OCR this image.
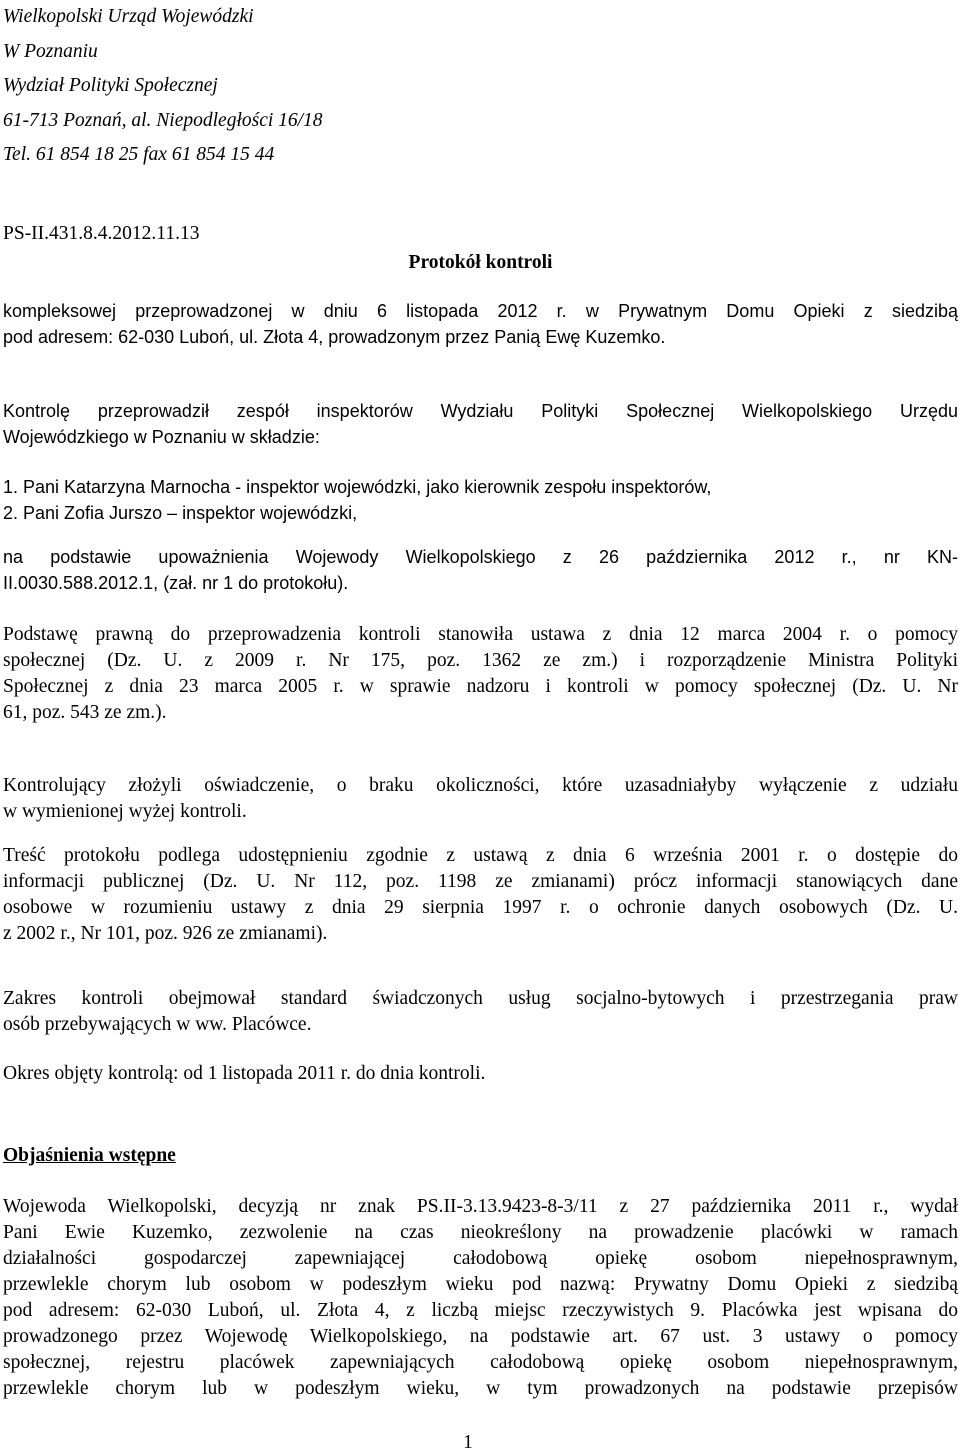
Wielkopolski Urząd Wojewódzki
W Poznaniu
Wydział Polityki Społecznej
61-713 Poznań, al. Niepodległości 16/18
Tel. 61 854 18 25 fax 61 854 15 44
PS-II.431.8.4.2012.11.13
Protokół kontroli
kompleksowej przeprowadzonej w dniu 6 listopada 2012 r. w Prywatnym Domu Opieki z siedzibą
pod adresem: 62-030 Luboń, ul. Złota 4, prowadzonym przez Panią Ewę Kuzemko.
Kontrolę przeprowadził zespół inspektorów Wydziału Polityki Społecznej Wielkopolskiego Urzędu
Wojewódzkiego w Poznaniu w składzie:
1. Pani Katarzyna Marnocha - inspektor wojewódzki, jako kierownik zespołu inspektorów,
2. Pani Zofia Jurszo – inspektor wojewódzki,
na podstawie upoważnienia Wojewody Wielkopolskiego z 26 października 2012 r., nr KN-
II.0030.588.2012.1, (zał. nr 1 do protokołu).
Podstawę prawną do przeprowadzenia kontroli stanowiła ustawa z dnia 12 marca 2004 r. o pomocy
społecznej (Dz. U. z 2009 r. Nr 175, poz. 1362 ze zm.) i rozporządzenie Ministra Polityki
Społecznej z dnia 23 marca 2005 r. w sprawie nadzoru i kontroli w pomocy społecznej (Dz. U. Nr
61, poz. 543 ze zm.).
Kontrolujący złożyli oświadczenie, o braku okoliczności, które uzasadniałyby wyłączenie z udziału
w wymienionej wyżej kontroli.
Treść protokołu podlega udostępnieniu zgodnie z ustawą z dnia 6 września 2001 r. o dostępie do
informacji publicznej (Dz. U. Nr 112, poz. 1198 ze zmianami) prócz informacji stanowiących dane
osobowe w rozumieniu ustawy z dnia 29 sierpnia 1997 r. o ochronie danych osobowych (Dz. U.
z 2002 r., Nr 101, poz. 926 ze zmianami).
Zakres kontroli obejmował standard świadczonych usług socjalno-bytowych i przestrzegania praw
osób przebywających w ww. Placówce.
Okres objęty kontrolą: od 1 listopada 2011 r. do dnia kontroli.
Objaśnienia wstępne
Wojewoda Wielkopolski, decyzją nr znak PS.II-3.13.9423-8-3/11 z 27 października 2011 r., wydał
Pani Ewie Kuzemko, zezwolenie na czas nieokreślony na prowadzenie placówki w ramach
działalności gospodarczej zapewniającej całodobową opiekę osobom niepełnosprawnym,
przewlekle chorym lub osobom w podeszłym wieku pod nazwą: Prywatny Domu Opieki z siedzibą
pod adresem: 62-030 Luboń, ul. Złota 4, z liczbą miejsc rzeczywistych 9. Placówka jest wpisana do
prowadzonego przez Wojewodę Wielkopolskiego, na podstawie art. 67 ust. 3 ustawy o pomocy
społecznej, rejestru placówek zapewniających całodobową opiekę osobom niepełnosprawnym,
przewlekle chorym lub w podeszłym wieku, w tym prowadzonych na podstawie przepisów
1
